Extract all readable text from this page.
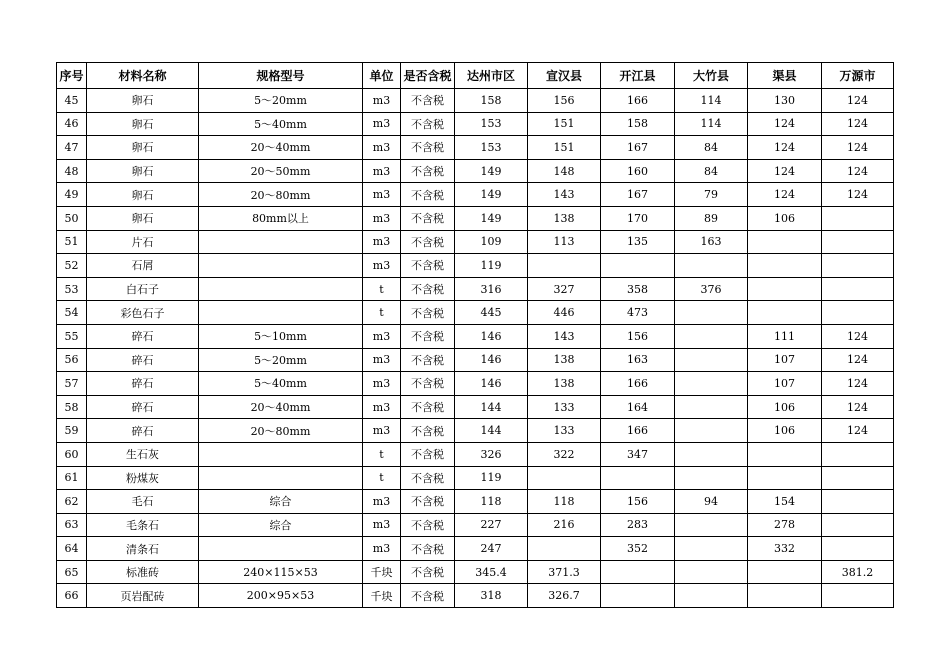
序号	材料名称	规格型号	单位	是否含税	达州市区	宣汉县	开江县	大竹县	渠县	万源市
45	卵石	5～20mm	m3	不含税	158	156	166	114	130	124
46	卵石	5～40mm	m3	不含税	153	151	158	114	124	124
47	卵石	20～40mm	m3	不含税	153	151	167	84	124	124
48	卵石	20～50mm	m3	不含税	149	148	160	84	124	124
49	卵石	20～80mm	m3	不含税	149	143	167	79	124	124
50	卵石	80mm以上	m3	不含税	149	138	170	89	106	
51	片石		m3	不含税	109	113	135	163		
52	石屑		m3	不含税	119					
53	白石子		t	不含税	316	327	358	376		
54	彩色石子		t	不含税	445	446	473			
55	碎石	5～10mm	m3	不含税	146	143	156		111	124
56	碎石	5～20mm	m3	不含税	146	138	163		107	124
57	碎石	5～40mm	m3	不含税	146	138	166		107	124
58	碎石	20～40mm	m3	不含税	144	133	164		106	124
59	碎石	20～80mm	m3	不含税	144	133	166		106	124
60	生石灰		t	不含税	326	322	347			
61	粉煤灰		t	不含税	119					
62	毛石	综合	m3	不含税	118	118	156	94	154	
63	毛条石	综合	m3	不含税	227	216	283		278	
64	清条石		m3	不含税	247		352		332	
65	标准砖	240×115×53	千块	不含税	345.4	371.3				381.2
66	页岩配砖	200×95×53	千块	不含税	318	326.7				
